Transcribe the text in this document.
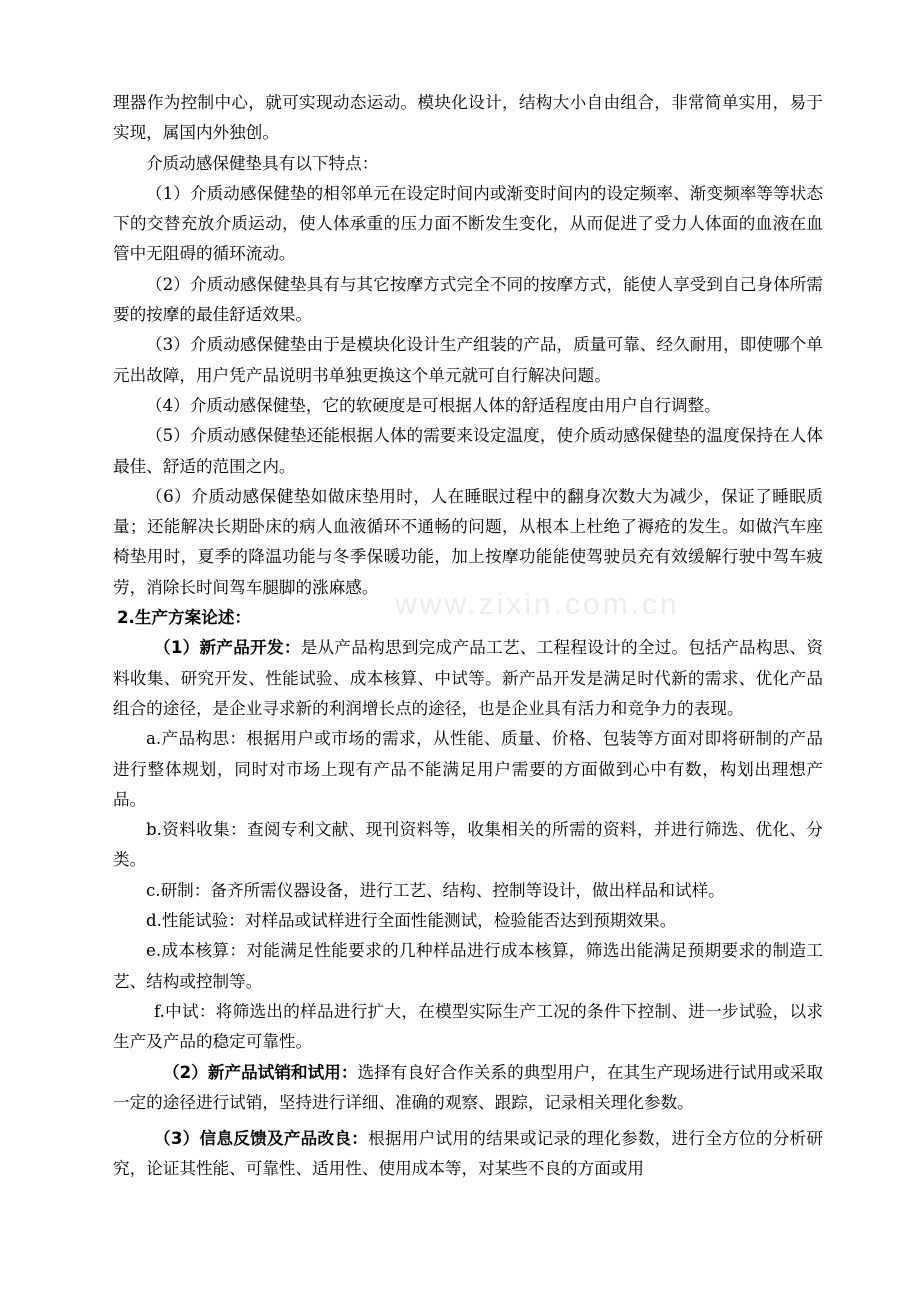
www.zixin.com.cn

理器作为控制中心，就可实现动态运动。模块化设计，结构大小自由组合，非常简单实用，易于实现，属国内外独创。

介质动感保健垫具有以下特点：

（1）介质动感保健垫的相邻单元在设定时间内或渐变时间内的设定频率、渐变频率等等状态下的交替充放介质运动，使人体承重的压力面不断发生变化，从而促进了受力人体面的血液在血管中无阻碍的循环流动。

（2）介质动感保健垫具有与其它按摩方式完全不同的按摩方式，能使人享受到自己身体所需要的按摩的最佳舒适效果。

（3）介质动感保健垫由于是模块化设计生产组装的产品，质量可靠、经久耐用，即使哪个单元出故障，用户凭产品说明书单独更换这个单元就可自行解决问题。

（4）介质动感保健垫，它的软硬度是可根据人体的舒适程度由用户自行调整。

（5）介质动感保健垫还能根据人体的需要来设定温度，使介质动感保健垫的温度保持在人体最佳、舒适的范围之内。

（6）介质动感保健垫如做床垫用时，人在睡眠过程中的翻身次数大为减少，保证了睡眠质量；还能解决长期卧床的病人血液循环不通畅的问题，从根本上杜绝了褥疮的发生。如做汽车座椅垫用时，夏季的降温功能与冬季保暖功能，加上按摩功能能使驾驶员充有效缓解行驶中驾车疲劳，消除长时间驾车腿脚的涨麻感。

2.生产方案论述：

（1）新产品开发：是从产品构思到完成产品工艺、工程程设计的全过。包括产品构思、资料收集、研究开发、性能试验、成本核算、中试等。新产品开发是满足时代新的需求、优化产品组合的途径，是企业寻求新的利润增长点的途径，也是企业具有活力和竞争力的表现。

a.产品构思：根据用户或市场的需求，从性能、质量、价格、包装等方面对即将研制的产品进行整体规划，同时对市场上现有产品不能满足用户需要的方面做到心中有数，构划出理想产品。

b.资料收集：查阅专利文献、现刊资料等，收集相关的所需的资料，并进行筛选、优化、分类。

c.研制：备齐所需仪器设备，进行工艺、结构、控制等设计，做出样品和试样。

d.性能试验：对样品或试样进行全面性能测试，检验能否达到预期效果。

e.成本核算：对能满足性能要求的几种样品进行成本核算，筛选出能满足预期要求的制造工艺、结构或控制等。

f.中试：将筛选出的样品进行扩大，在模型实际生产工况的条件下控制、进一步试验，以求生产及产品的稳定可靠性。

（2）新产品试销和试用：选择有良好合作关系的典型用户，在其生产现场进行试用或采取一定的途径进行试销，坚持进行详细、准确的观察、跟踪，记录相关理化参数。

（3）信息反馈及产品改良：根据用户试用的结果或记录的理化参数，进行全方位的分析研究，论证其性能、可靠性、适用性、使用成本等，对某些不良的方面或用
